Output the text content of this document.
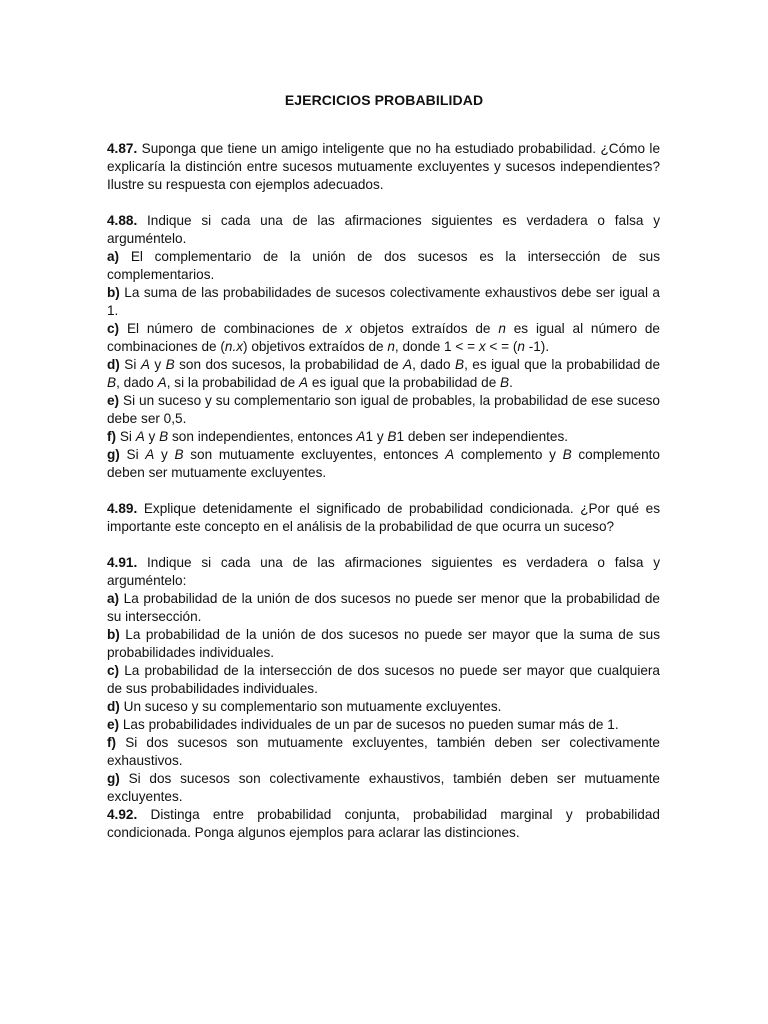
EJERCICIOS PROBABILIDAD

4.87. Suponga que tiene un amigo inteligente que no ha estudiado probabilidad. ¿Cómo le explicaría la distinción entre sucesos mutuamente excluyentes y sucesos independientes? Ilustre su respuesta con ejemplos adecuados.

4.88. Indique si cada una de las afirmaciones siguientes es verdadera o falsa y arguméntelo.

a) El complementario de la unión de dos sucesos es la intersección de sus complementarios.

b) La suma de las probabilidades de sucesos colectivamente exhaustivos debe ser igual a 1.

c) El número de combinaciones de x objetos extraídos de n es igual al número de combinaciones de (n.x) objetivos extraídos de n, donde 1 < = x < = (n -1).

d) Si A y B son dos sucesos, la probabilidad de A, dado B, es igual que la probabilidad de B, dado A, si la probabilidad de A es igual que la probabilidad de B.

e) Si un suceso y su complementario son igual de probables, la probabilidad de ese suceso debe ser 0,5.

f) Si A y B son independientes, entonces A1 y B1 deben ser independientes.

g) Si A y B son mutuamente excluyentes, entonces A complemento y B complemento deben ser mutuamente excluyentes.

4.89. Explique detenidamente el significado de probabilidad condicionada. ¿Por qué es importante este concepto en el análisis de la probabilidad de que ocurra un suceso?

4.91. Indique si cada una de las afirmaciones siguientes es verdadera o falsa y arguméntelo:

a) La probabilidad de la unión de dos sucesos no puede ser menor que la probabilidad de su intersección.

b) La probabilidad de la unión de dos sucesos no puede ser mayor que la suma de sus probabilidades individuales.

c) La probabilidad de la intersección de dos sucesos no puede ser mayor que cualquiera de sus probabilidades individuales.

d) Un suceso y su complementario son mutuamente excluyentes.

e) Las probabilidades individuales de un par de sucesos no pueden sumar más de 1.

f) Si dos sucesos son mutuamente excluyentes, también deben ser colectivamente exhaustivos.

g) Si dos sucesos son colectivamente exhaustivos, también deben ser mutuamente excluyentes.

4.92. Distinga entre probabilidad conjunta, probabilidad marginal y probabilidad condicionada. Ponga algunos ejemplos para aclarar las distinciones.
